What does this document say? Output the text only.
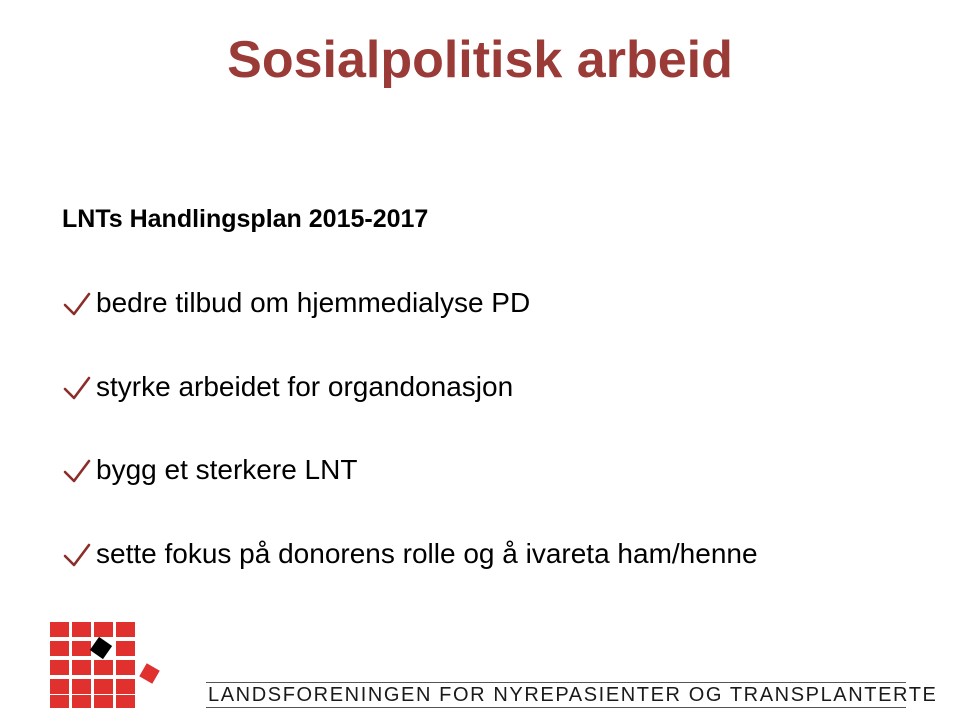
Sosialpolitisk arbeid

LNTs Handlingsplan 2015-2017

bedre tilbud om hjemmedialyse PD
styrke arbeidet for organdonasjon
bygg et sterkere LNT
sette fokus på donorens rolle og å ivareta ham/henne
LANDSFORENINGEN FOR NYREPASIENTER OG TRANSPLANTERTE
